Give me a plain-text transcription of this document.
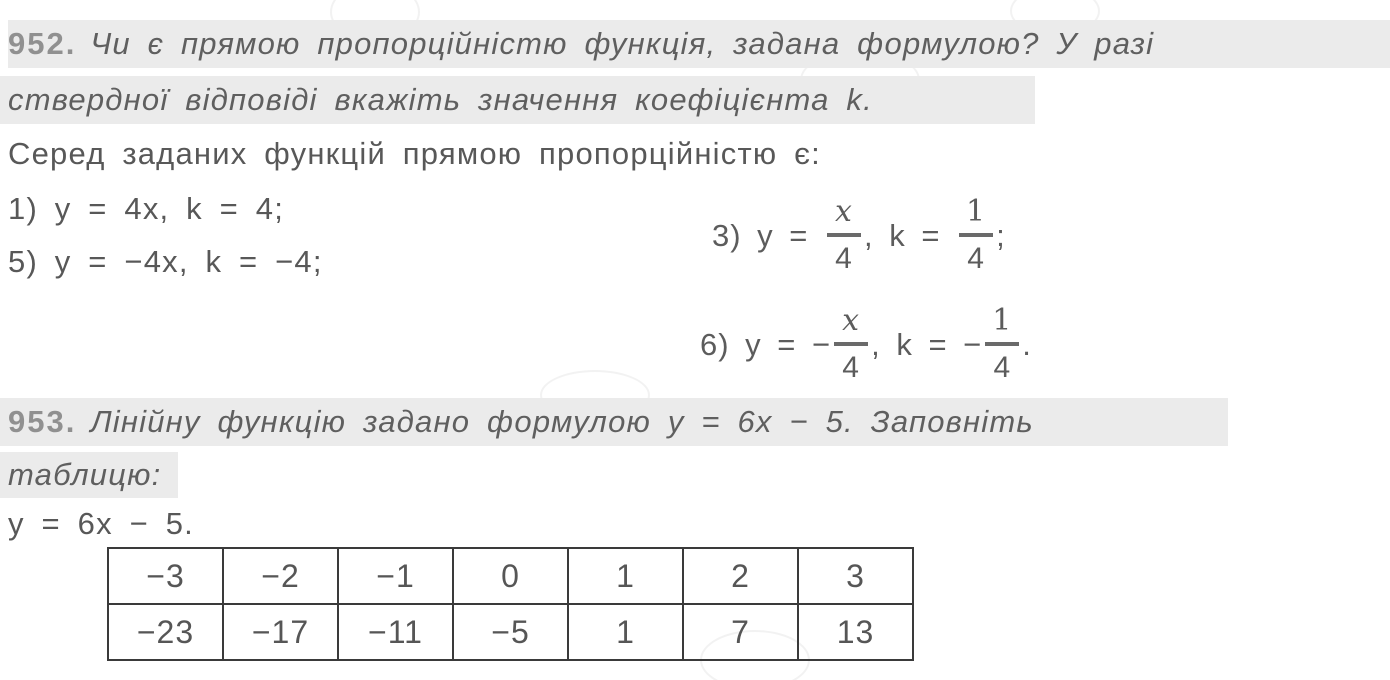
952. Чи є прямою пропорційністю функція, задана формулою? У разі
ствердної відповіді вкажіть значення коефіцієнта k.
Серед заданих функцій прямою пропорційністю є:
1) y = 4x, k = 4;
5) y = −4x, k = −4;
3) $y = \frac{x}{4}$ , $k = \frac{1}{4}$ ;
6) y = − $\frac{x}{4}$ , k = − $\frac{1}{4}$ .
953. Лінійну функцію задано формулою y = 6x − 5. Заповніть
таблицю:
y = 6x − 5.
−3	−2	−1	0	1	2	3
−23	−17	−11	−5	1	7	13
